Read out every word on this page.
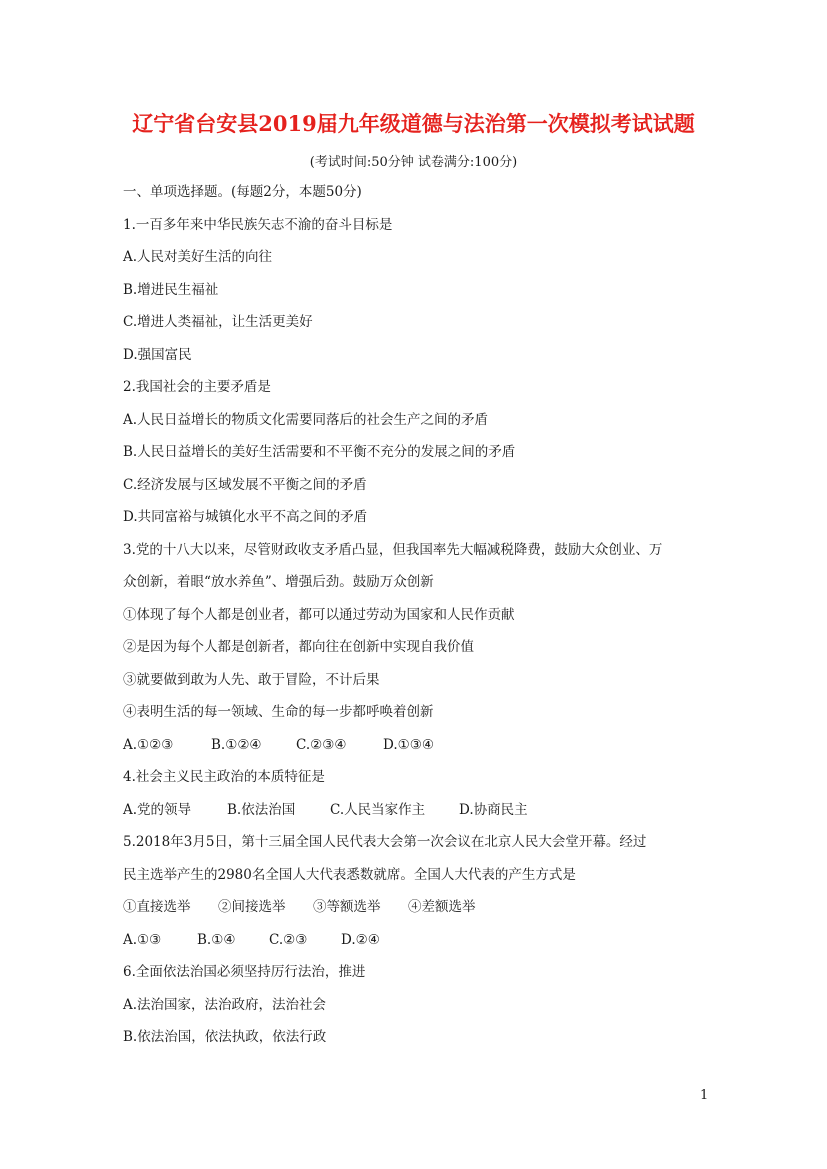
辽宁省台安县2019届九年级道德与法治第一次模拟考试试题
(考试时间:50分钟 试卷满分:100分)
一、单项选择题。(每题2分，本题50分)
1.一百多年来中华民族矢志不渝的奋斗目标是
A.人民对美好生活的向往
B.增进民生福祉
C.增进人类福祉，让生活更美好
D.强国富民
2.我国社会的主要矛盾是
A.人民日益增长的物质文化需要同落后的社会生产之间的矛盾
B.人民日益增长的美好生活需要和不平衡不充分的发展之间的矛盾
C.经济发展与区域发展不平衡之间的矛盾
D.共同富裕与城镇化水平不高之间的矛盾
3.党的十八大以来，尽管财政收支矛盾凸显，但我国率先大幅减税降费，鼓励大众创业、万
众创新，着眼“放水养鱼”、增强后劲。鼓励万众创新
①体现了每个人都是创业者，都可以通过劳动为国家和人民作贡献
②是因为每个人都是创新者，都向往在创新中实现自我价值
③就要做到敢为人先、敢于冒险，不计后果
④表明生活的每一领域、生命的每一步都呼唤着创新
A.①②③	B.①②④	C.②③④	D.①③④
4.社会主义民主政治的本质特征是
A.党的领导	B.依法治国	C.人民当家作主	D.协商民主
5.2018年3月5日，第十三届全国人民代表大会第一次会议在北京人民大会堂开幕。经过
民主选举产生的2980名全国人大代表悉数就席。全国人大代表的产生方式是
①直接选举 ②间接选举 ③等额选举 ④差额选举
A.①③	B.①④ C.②③ D.②④
6.全面依法治国必须坚持厉行法治，推进
A.法治国家，法治政府，法治社会
B.依法治国，依法执政，依法行政
1
